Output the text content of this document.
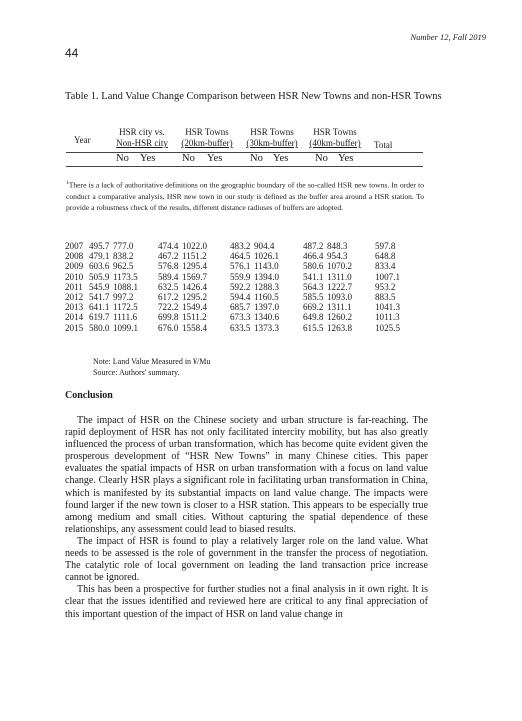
Number 12, Fall 2019
44
Table 1. Land Value Change Comparison between HSR New Towns and non-HSR Towns
Year
HSR city vs.
Non-HSR city
HSR Towns
(20km-buffer)
HSR Towns
(30km-buffer)
HSR Towns
(40km-buffer)	Total
No Yes	No Yes	No Yes	No Yes
$^1$There is a lack of authoritative definitions on the geographic boundary of the so-called HSR new towns. In order to conduct a comparative analysis, HSR new town in our study is defined as the buffer area around a HSR station. To provide a robustness check of the results, different distance radiuses of buffers are adopted.
2007	495.7	777.0	474.4	1022.0	483.2	904.4	487.2	848.3	597.8
2008	479.1	838.2	467.2	1151.2	464.5	1026.1	466.4	954.3	648.8
2009	603.6	962.5	576.8	1295.4	576.1	1143.0	580.6	1070.2	833.4
2010	505.9	1173.5	589.4	1569.7	559.9	1394.0	541.1	1311.0	1007.1
2011	545.9	1088.1	632.5	1426.4	592.2	1288.3	564.3	1222.7	953.2
2012	541.7	997.2	617.2	1295.2	594.4	1160.5	585.5	1093.0	883.5
2013	641.1	1172.5	722.2	1549.4	685.7	1397.0	669.2	1311.1	1041.3
2014	619.7	1111.6	699.8	1511.2	673.3	1340.6	649.8	1260.2	1011.3
2015	580.0	1099.1	676.0	1558.4	633.5	1373.3	615.5	1263.8	1025.5
Note: Land Value Measured in ¥/Mu
Source: Authors' summary.
Conclusion

The impact of HSR on the Chinese society and urban structure is far-reaching. The rapid deployment of HSR has not only facilitated intercity mobility, but has also greatly influenced the process of urban transformation, which has become quite evident given the prosperous development of “HSR New Towns” in many Chinese cities. This paper evaluates the spatial impacts of HSR on urban transformation with a focus on land value change. Clearly HSR plays a significant role in facilitating urban transformation in China, which is manifested by its substantial impacts on land value change. The impacts were found larger if the new town is closer to a HSR station. This appears to be especially true among medium and small cities. Without capturing the spatial dependence of these relationships, any assessment could lead to biased results.

The impact of HSR is found to play a relatively larger role on the land value. What needs to be assessed is the role of government in the transfer the process of negotiation. The catalytic role of local government on leading the land transaction price increase cannot be ignored.

This has been a prospective for further studies not a final analysis in it own right. It is clear that the issues identified and reviewed here are critical to any final appreciation of this important question of the impact of HSR on land value change in
